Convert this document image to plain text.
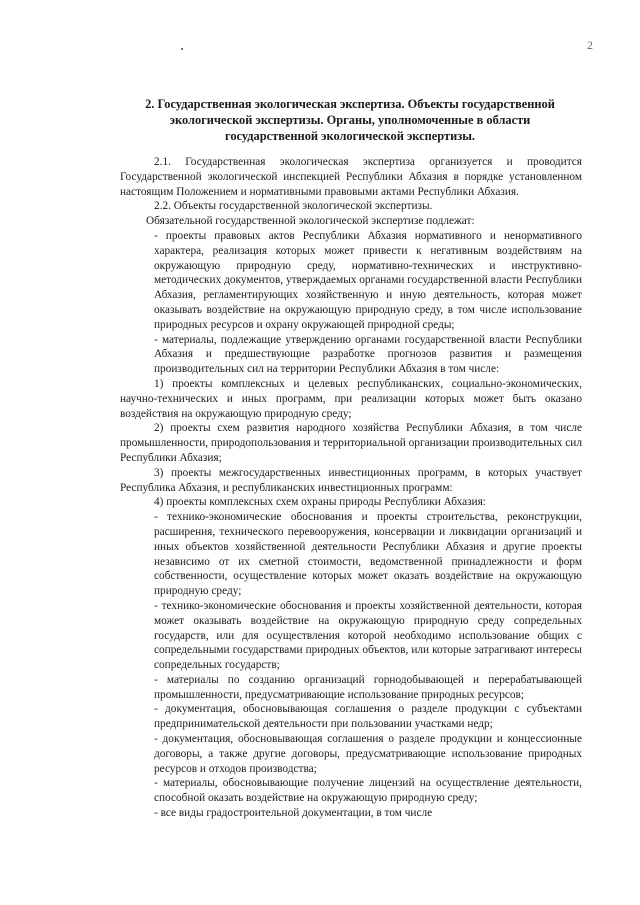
2
2. Государственная экологическая экспертиза. Объекты государственной экологической экспертизы. Органы, уполномоченные в области государственной экологической экспертизы.

2.1. Государственная экологическая экспертиза организуется и проводится Государственной экологической инспекцией Республики Абхазия в порядке установленном настоящим Положением и нормативными правовыми актами Республики Абхазия.

2.2. Объекты государственной экологической экспертизы.

Обязательной государственной экологической экспертизе подлежат:

- проекты правовых актов Республики Абхазия нормативного и ненормативного характера, реализация которых может привести к негативным воздействиям на окружающую природную среду, нормативно-технических и инструктивно-методических документов, утверждаемых органами государственной власти Республики Абхазия, регламентирующих хозяйственную и иную деятельность, которая может оказывать воздействие на окружающую природную среду, в том числе использование природных ресурсов и охрану окружающей природной среды;

- материалы, подлежащие утверждению органами государственной власти Республики Абхазия и предшествующие разработке прогнозов развития и размещения производительных сил на территории Республики Абхазия в том числе:

1) проекты комплексных и целевых республиканских, социально-экономических, научно-технических и иных программ, при реализации которых может быть оказано воздействия на окружающую природную среду;

2) проекты схем развития народного хозяйства Республики Абхазия, в том числе промышленности, природопользования и территориальной организации производительных сил Республики Абхазия;

3) проекты межгосударственных инвестиционных программ, в которых участвует Республика Абхазия, и республиканских инвестиционных программ:

4) проекты комплексных схем охраны природы Республики Абхазия:

- технико-экономические обоснования и проекты строительства, реконструкции, расширения, технического перевооружения, консервации и ликвидации организаций и иных объектов хозяйственной деятельности Республики Абхазия и другие проекты независимо от их сметной стоимости, ведомственной принадлежности и форм собственности, осуществление которых может оказать воздействие на окружающую природную среду;

- технико-экономические обоснования и проекты хозяйственной деятельности, которая может оказывать воздействие на окружающую природную среду сопредельных государств, или для осуществления которой необходимо использование общих с сопредельными государствами природных объектов, или которые затрагивают интересы сопредельных государств;

- материалы по созданию организаций горнодобывающей и перерабатывающей промышленности, предусматривающие использование природных ресурсов;

- документация, обосновывающая соглашения о разделе продукции с субъектами предпринимательской деятельности при пользовании участками недр;

- документация, обосновывающая соглашения о разделе продукции и концессионные договоры, а также другие договоры, предусматривающие использование природных ресурсов и отходов производства;

- материалы, обосновывающие получение лицензий на осуществление деятельности, способной оказать воздействие на окружающую природную среду;

- все виды градостроительной документации, в том числе
